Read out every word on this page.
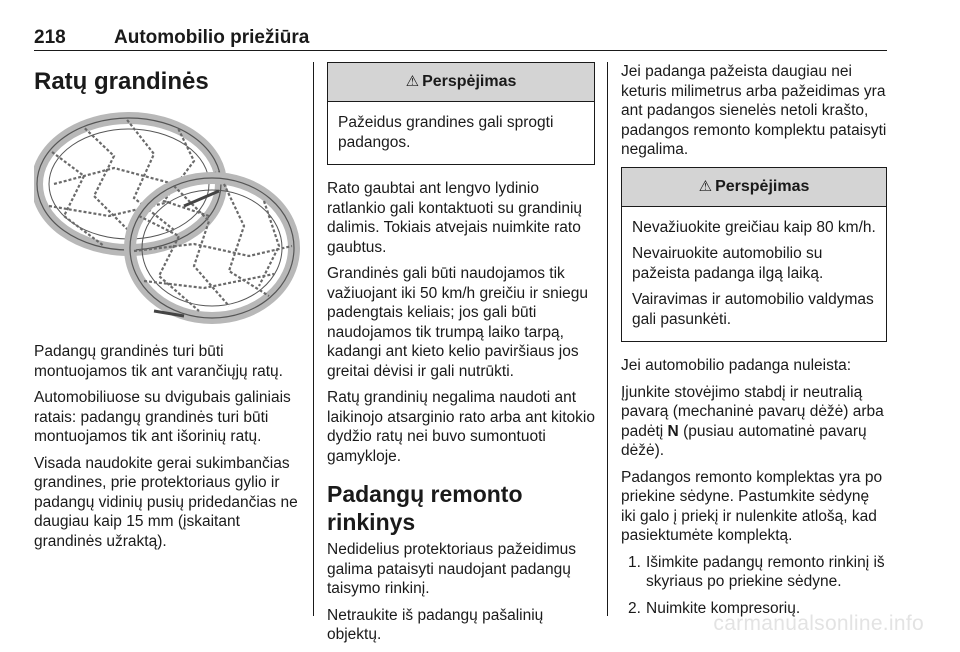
218	Automobilio priežiūra
Ratų grandinės

Padangų grandinės turi būti montuojamos tik ant varančiųjų ratų.

Automobiliuose su dvigubais galiniais ratais: padangų grandinės turi būti montuojamos tik ant išorinių ratų.

Visada naudokite gerai sukimbančias grandines, prie protektoriaus gylio ir padangų vidinių pusių pridedančias ne daugiau kaip 15 mm (įskaitant grandinės užraktą).

⚠ Perspėjimas

Pažeidus grandines gali sprogti padangos.

Rato gaubtai ant lengvo lydinio ratlankio gali kontaktuoti su grandinių dalimis. Tokiais atvejais nuimkite rato gaubtus.

Grandinės gali būti naudojamos tik važiuojant iki 50 km/h greičiu ir sniegu padengtais keliais; jos gali būti naudojamos tik trumpą laiko tarpą, kadangi ant kieto kelio paviršiaus jos greitai dėvisi ir gali nutrūkti.

Ratų grandinių negalima naudoti ant laikinojo atsarginio rato arba ant kitokio dydžio ratų nei buvo sumontuoti gamykloje.

Padangų remonto rinkinys

Nedidelius protektoriaus pažeidimus galima pataisyti naudojant padangų taisymo rinkinį.

Netraukite iš padangų pašalinių objektų.

Jei padanga pažeista daugiau nei keturis milimetrus arba pažeidimas yra ant padangos sienelės netoli krašto, padangos remonto komplektu pataisyti negalima.

⚠ Perspėjimas

Nevažiuokite greičiau kaip 80 km/h.

Nevairuokite automobilio su pažeista padanga ilgą laiką.

Vairavimas ir automobilio valdymas gali pasunkėti.

Jei automobilio padanga nuleista:

Įjunkite stovėjimo stabdį ir neutralią pavarą (mechaninė pavarų dėžė) arba padėtį N (pusiau automatinė pavarų dėžė).

Padangos remonto komplektas yra po priekine sėdyne. Pastumkite sėdynę iki galo į priekį ir nulenkite atlošą, kad pasiektumėte komplektą.

1. Išimkite padangų remonto rinkinį iš skyriaus po priekine sėdyne.
2. Nuimkite kompresorių.
carmanualsonline.info
